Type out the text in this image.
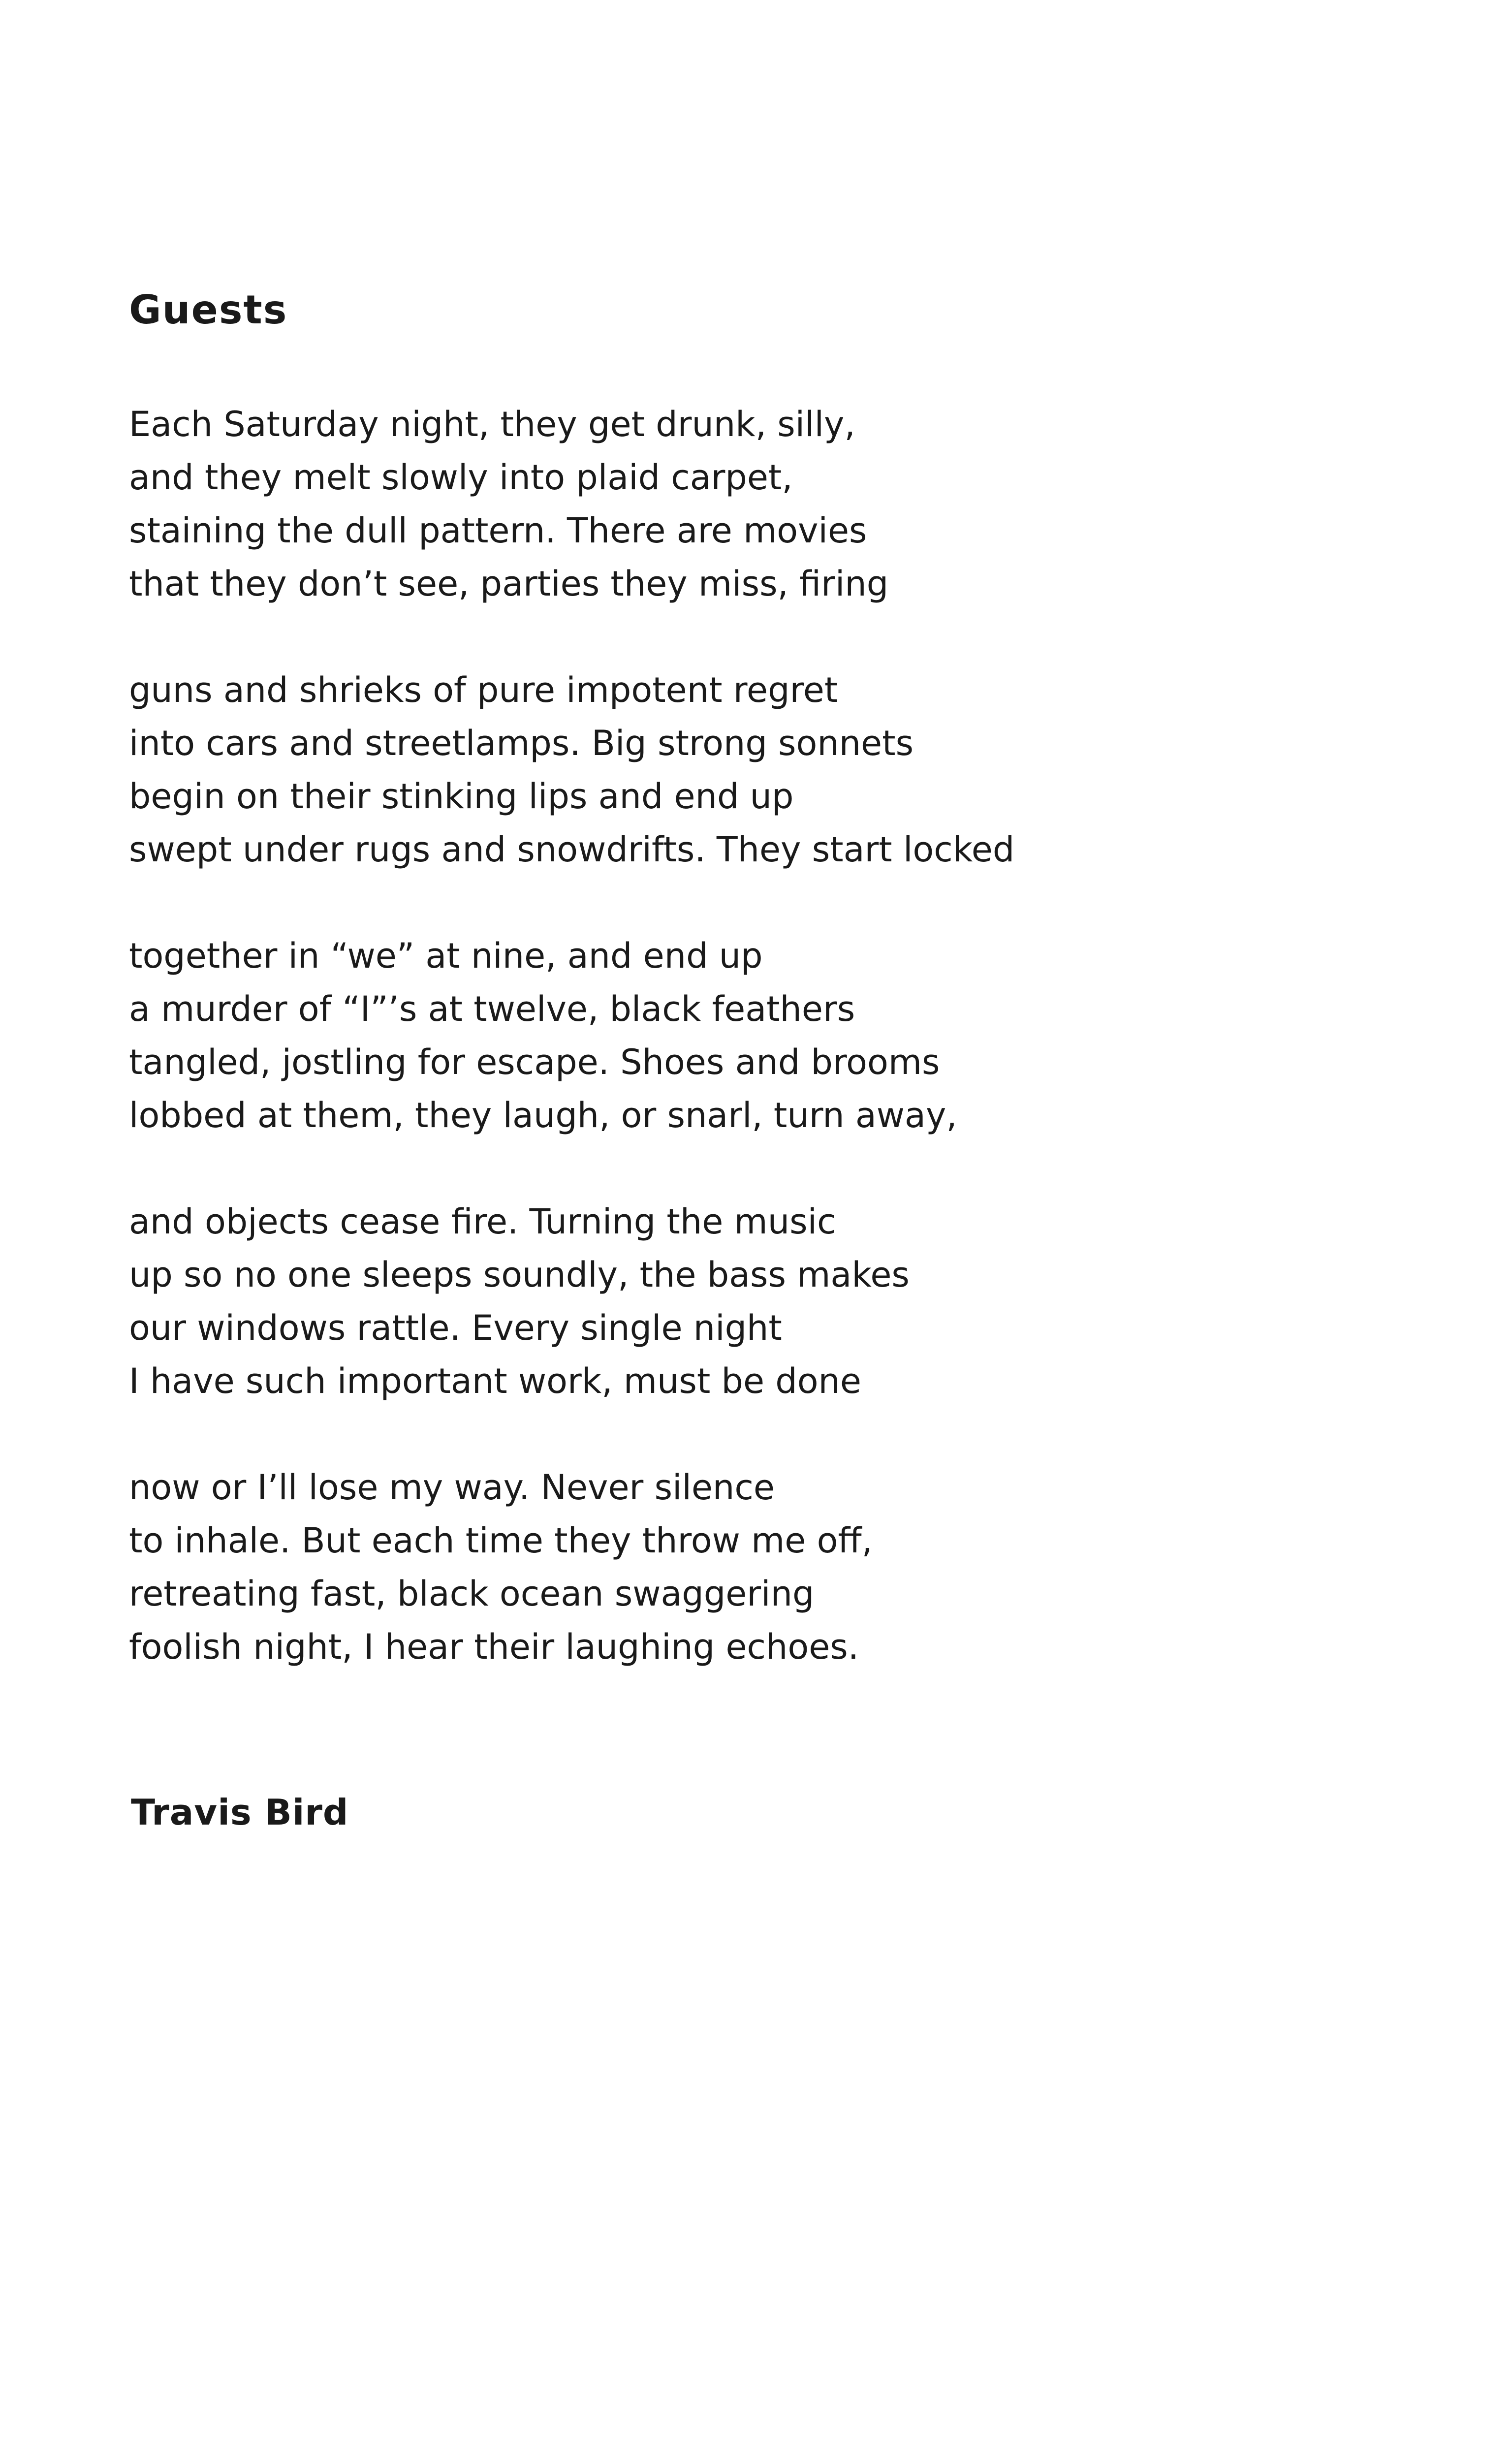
Guests
Each Saturday night, they get drunk, silly,
and they melt slowly into plaid carpet,
staining the dull pattern. There are movies
that they don’t see, parties they miss, firing
guns and shrieks of pure impotent regret
into cars and streetlamps. Big strong sonnets
begin on their stinking lips and end up
swept under rugs and snowdrifts. They start locked
together in “we” at nine, and end up
a murder of “I”’s at twelve, black feathers
tangled, jostling for escape. Shoes and brooms
lobbed at them, they laugh, or snarl, turn away,
and objects cease fire. Turning the music
up so no one sleeps soundly, the bass makes
our windows rattle. Every single night
I have such important work, must be done
now or I’ll lose my way. Never silence
to inhale. But each time they throw me off,
retreating fast, black ocean swaggering
foolish night, I hear their laughing echoes.

Travis Bird
